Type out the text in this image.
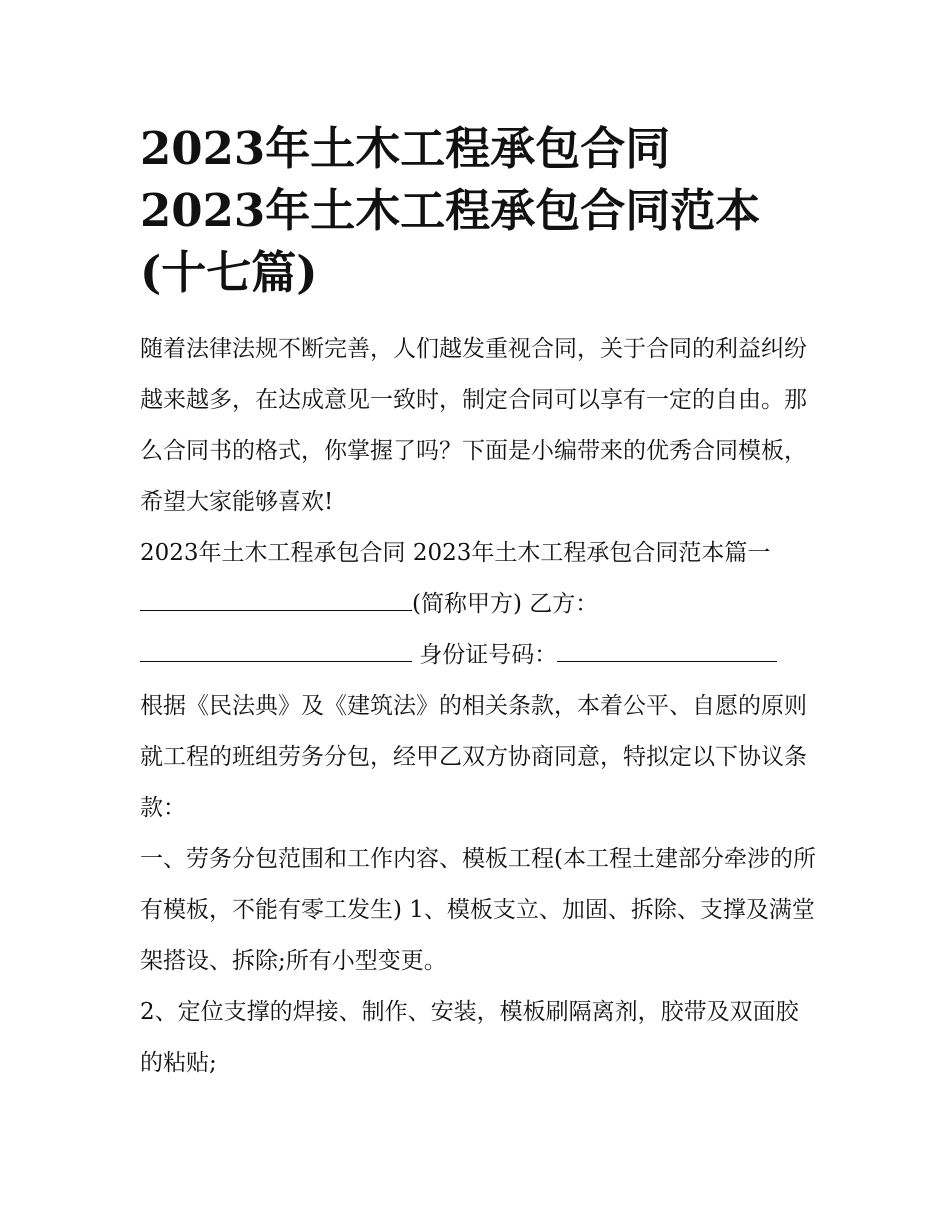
2023年土木工程承包合同
2023年土木工程承包合同范本
(十七篇)

随着法律法规不断完善，人们越发重视合同，关于合同的利益纠纷越来越多，在达成意见一致时，制定合同可以享有一定的自由。那么合同书的格式，你掌握了吗？下面是小编带来的优秀合同模板，希望大家能够喜欢!

2023年土木工程承包合同 2023年土木工程承包合同范本篇一

(简称甲方) 乙方：

身份证号码：

根据《民法典》及《建筑法》的相关条款，本着公平、自愿的原则就工程的班组劳务分包，经甲乙双方协商同意，特拟定以下协议条款：

一、劳务分包范围和工作内容、模板工程(本工程土建部分牵涉的所有模板，不能有零工发生) 1、模板支立、加固、拆除、支撑及满堂架搭设、拆除;所有小型变更。

2、定位支撑的焊接、制作、安装，模板刷隔离剂，胶带及双面胶的粘贴;
